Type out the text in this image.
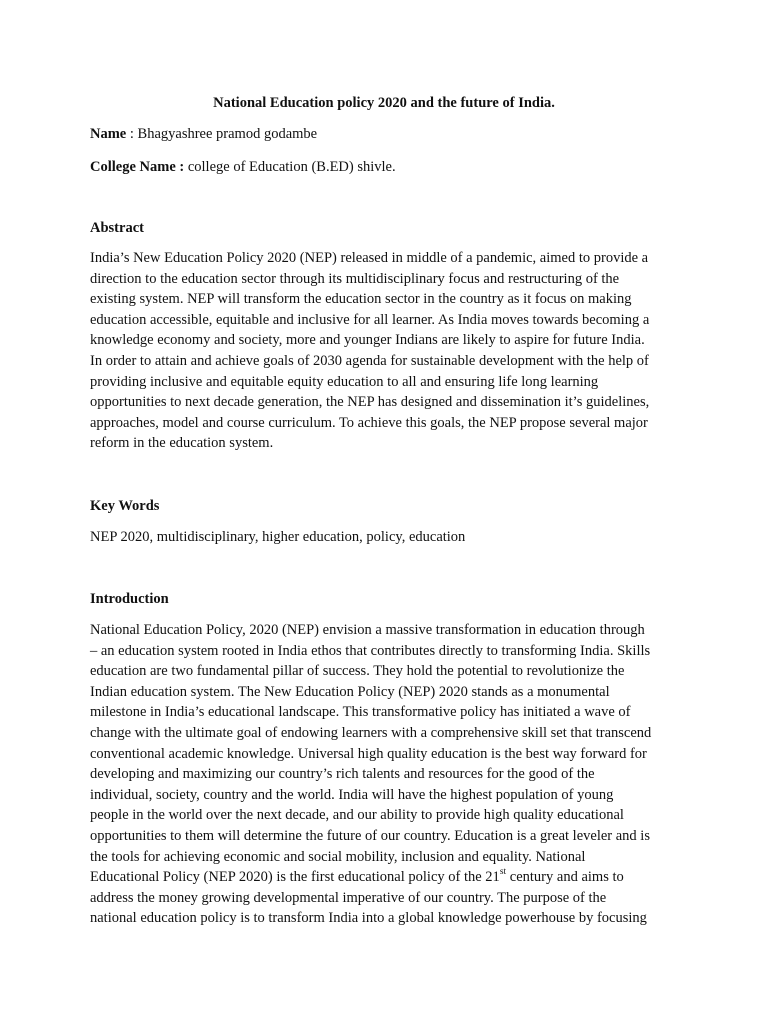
National Education policy 2020 and the future of India.
Name : Bhagyashree pramod godambe
College Name : college of Education (B.ED) shivle.
Abstract

India’s New Education Policy 2020 (NEP) released in middle of a pandemic, aimed to provide a
direction to the education sector through its multidisciplinary focus and restructuring of the
existing system. NEP will transform the education sector in the country as it focus on making
education accessible, equitable and inclusive for all learner. As India moves towards becoming a
knowledge economy and society, more and younger Indians are likely to aspire for future India.
In order to attain and achieve goals of 2030 agenda for sustainable development with the help of
providing inclusive and equitable equity education to all and ensuring life long learning
opportunities to next decade generation, the NEP has designed and dissemination it’s guidelines,
approaches, model and course curriculum. To achieve this goals, the NEP propose several major
reform in the education system.

Key Words
NEP 2020, multidisciplinary, higher education, policy, education
Introduction

National Education Policy, 2020 (NEP) envision a massive transformation in education through
– an education system rooted in India ethos that contributes directly to transforming India. Skills
education are two fundamental pillar of success. They hold the potential to revolutionize the
Indian education system. The New Education Policy (NEP) 2020 stands as a monumental
milestone in India’s educational landscape. This transformative policy has initiated a wave of
change with the ultimate goal of endowing learners with a comprehensive skill set that transcend
conventional academic knowledge. Universal high quality education is the best way forward for
developing and maximizing our country’s rich talents and resources for the good of the
individual, society, country and the world. India will have the highest population of young
people in the world over the next decade, and our ability to provide high quality educational
opportunities to them will determine the future of our country. Education is a great leveler and is
the tools for achieving economic and social mobility, inclusion and equality. National
Educational Policy (NEP 2020) is the first educational policy of the 21st century and aims to
address the money growing developmental imperative of our country. The purpose of the
national education policy is to transform India into a global knowledge powerhouse by focusing
